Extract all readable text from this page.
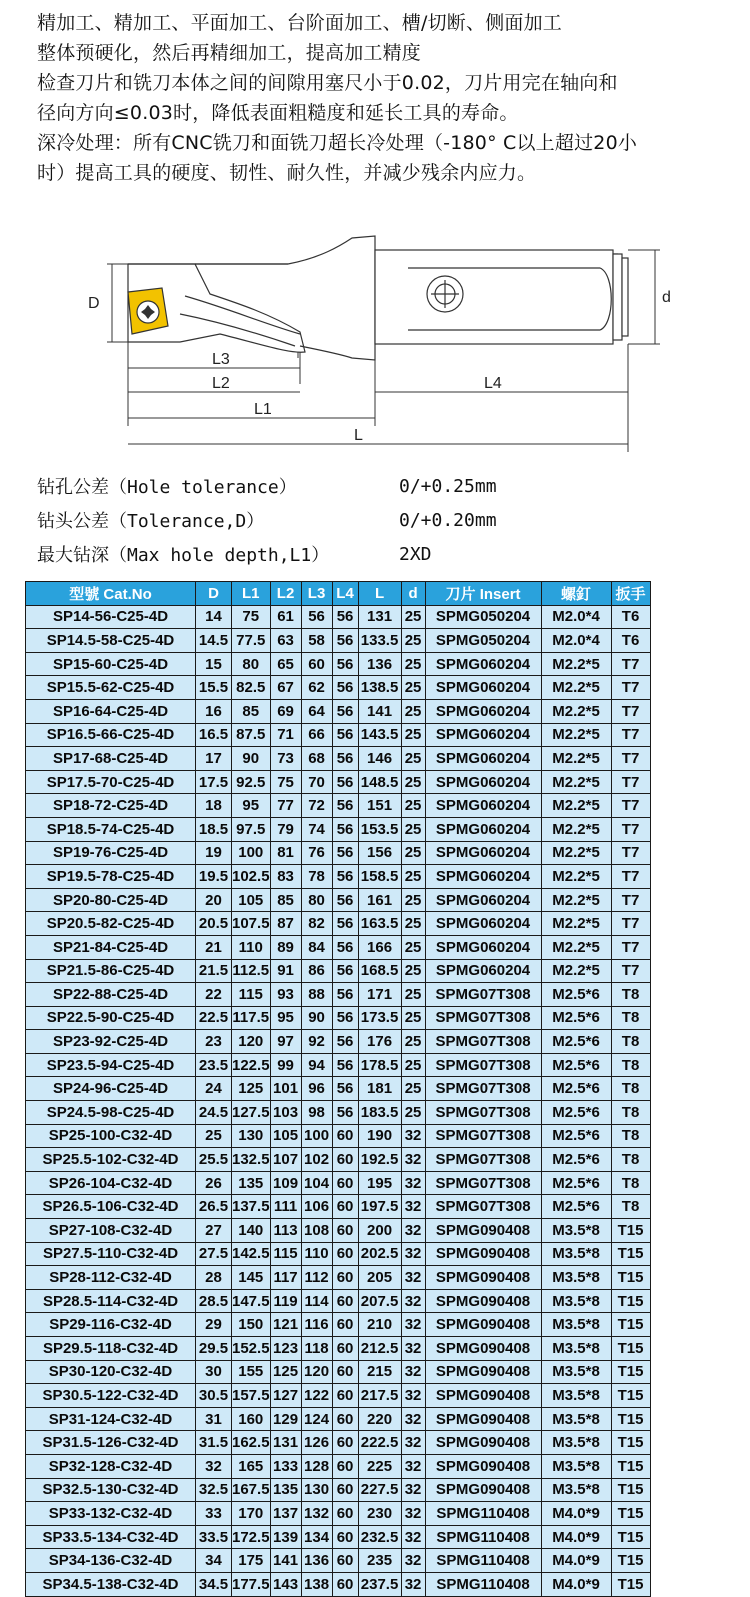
精加工、精加工、平面加工、台阶面加工、槽/切断、侧面加工

整体预硬化，然后再精细加工，提高加工精度

检查刀片和铣刀本体之间的间隙用塞尺小于0.02，刀片用完在轴向和

径向方向≤0.03时，降低表面粗糙度和延长工具的寿命。

深冷处理：所有CNC铣刀和面铣刀超长冷处理（-180° C以上超过20小

时）提高工具的硬度、韧性、耐久性，并减少残余内应力。

D	d
L3
L2	L4
L1
L
钻孔公差（Hole tolerance）	0/+0.25mm
钻头公差（Tolerance,D）	0/+0.20mm
最大钻深（Max hole depth,L1）	2XD
型號 Cat.No	D	L1	L2	L3	L4	L	d	刀片 Insert	螺釘	扳手
SP14-56-C25-4D	14	75	61	56	56	131	25	SPMG050204	M2.0*4	T6
SP14.5-58-C25-4D	14.5	77.5	63	58	56	133.5	25	SPMG050204	M2.0*4	T6
SP15-60-C25-4D	15	80	65	60	56	136	25	SPMG060204	M2.2*5	T7
SP15.5-62-C25-4D	15.5	82.5	67	62	56	138.5	25	SPMG060204	M2.2*5	T7
SP16-64-C25-4D	16	85	69	64	56	141	25	SPMG060204	M2.2*5	T7
SP16.5-66-C25-4D	16.5	87.5	71	66	56	143.5	25	SPMG060204	M2.2*5	T7
SP17-68-C25-4D	17	90	73	68	56	146	25	SPMG060204	M2.2*5	T7
SP17.5-70-C25-4D	17.5	92.5	75	70	56	148.5	25	SPMG060204	M2.2*5	T7
SP18-72-C25-4D	18	95	77	72	56	151	25	SPMG060204	M2.2*5	T7
SP18.5-74-C25-4D	18.5	97.5	79	74	56	153.5	25	SPMG060204	M2.2*5	T7
SP19-76-C25-4D	19	100	81	76	56	156	25	SPMG060204	M2.2*5	T7
SP19.5-78-C25-4D	19.5	102.5	83	78	56	158.5	25	SPMG060204	M2.2*5	T7
SP20-80-C25-4D	20	105	85	80	56	161	25	SPMG060204	M2.2*5	T7
SP20.5-82-C25-4D	20.5	107.5	87	82	56	163.5	25	SPMG060204	M2.2*5	T7
SP21-84-C25-4D	21	110	89	84	56	166	25	SPMG060204	M2.2*5	T7
SP21.5-86-C25-4D	21.5	112.5	91	86	56	168.5	25	SPMG060204	M2.2*5	T7
SP22-88-C25-4D	22	115	93	88	56	171	25	SPMG07T308	M2.5*6	T8
SP22.5-90-C25-4D	22.5	117.5	95	90	56	173.5	25	SPMG07T308	M2.5*6	T8
SP23-92-C25-4D	23	120	97	92	56	176	25	SPMG07T308	M2.5*6	T8
SP23.5-94-C25-4D	23.5	122.5	99	94	56	178.5	25	SPMG07T308	M2.5*6	T8
SP24-96-C25-4D	24	125	101	96	56	181	25	SPMG07T308	M2.5*6	T8
SP24.5-98-C25-4D	24.5	127.5	103	98	56	183.5	25	SPMG07T308	M2.5*6	T8
SP25-100-C32-4D	25	130	105	100	60	190	32	SPMG07T308	M2.5*6	T8
SP25.5-102-C32-4D	25.5	132.5	107	102	60	192.5	32	SPMG07T308	M2.5*6	T8
SP26-104-C32-4D	26	135	109	104	60	195	32	SPMG07T308	M2.5*6	T8
SP26.5-106-C32-4D	26.5	137.5	111	106	60	197.5	32	SPMG07T308	M2.5*6	T8
SP27-108-C32-4D	27	140	113	108	60	200	32	SPMG090408	M3.5*8	T15
SP27.5-110-C32-4D	27.5	142.5	115	110	60	202.5	32	SPMG090408	M3.5*8	T15
SP28-112-C32-4D	28	145	117	112	60	205	32	SPMG090408	M3.5*8	T15
SP28.5-114-C32-4D	28.5	147.5	119	114	60	207.5	32	SPMG090408	M3.5*8	T15
SP29-116-C32-4D	29	150	121	116	60	210	32	SPMG090408	M3.5*8	T15
SP29.5-118-C32-4D	29.5	152.5	123	118	60	212.5	32	SPMG090408	M3.5*8	T15
SP30-120-C32-4D	30	155	125	120	60	215	32	SPMG090408	M3.5*8	T15
SP30.5-122-C32-4D	30.5	157.5	127	122	60	217.5	32	SPMG090408	M3.5*8	T15
SP31-124-C32-4D	31	160	129	124	60	220	32	SPMG090408	M3.5*8	T15
SP31.5-126-C32-4D	31.5	162.5	131	126	60	222.5	32	SPMG090408	M3.5*8	T15
SP32-128-C32-4D	32	165	133	128	60	225	32	SPMG090408	M3.5*8	T15
SP32.5-130-C32-4D	32.5	167.5	135	130	60	227.5	32	SPMG090408	M3.5*8	T15
SP33-132-C32-4D	33	170	137	132	60	230	32	SPMG110408	M4.0*9	T15
SP33.5-134-C32-4D	33.5	172.5	139	134	60	232.5	32	SPMG110408	M4.0*9	T15
SP34-136-C32-4D	34	175	141	136	60	235	32	SPMG110408	M4.0*9	T15
SP34.5-138-C32-4D	34.5	177.5	143	138	60	237.5	32	SPMG110408	M4.0*9	T15
